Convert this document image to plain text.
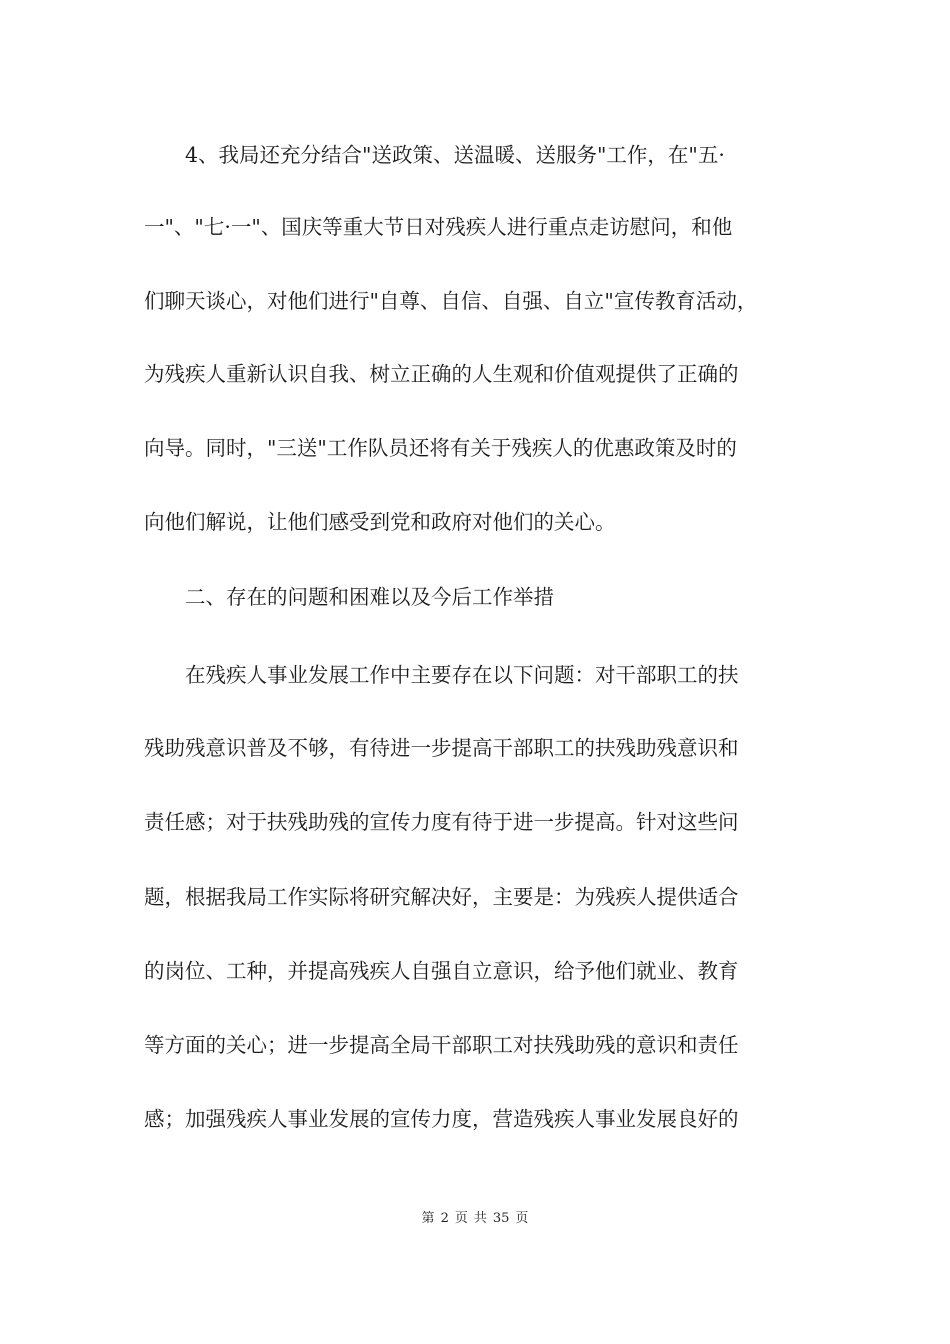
　　4、我局还充分结合"送政策、送温暖、送服务"工作，在"五·
一"、"七·一"、国庆等重大节日对残疾人进行重点走访慰问，和他
们聊天谈心，对他们进行"自尊、自信、自强、自立"宣传教育活动，
为残疾人重新认识自我、树立正确的人生观和价值观提供了正确的
向导。同时，"三送"工作队员还将有关于残疾人的优惠政策及时的
向他们解说，让他们感受到党和政府对他们的关心。
　　二、存在的问题和困难以及今后工作举措
　　在残疾人事业发展工作中主要存在以下问题：对干部职工的扶
残助残意识普及不够，有待进一步提高干部职工的扶残助残意识和
责任感；对于扶残助残的宣传力度有待于进一步提高。针对这些问
题，根据我局工作实际将研究解决好，主要是：为残疾人提供适合
的岗位、工种，并提高残疾人自强自立意识，给予他们就业、教育
等方面的关心；进一步提高全局干部职工对扶残助残的意识和责任
感；加强残疾人事业发展的宣传力度，营造残疾人事业发展良好的
第 2 页 共 35 页
